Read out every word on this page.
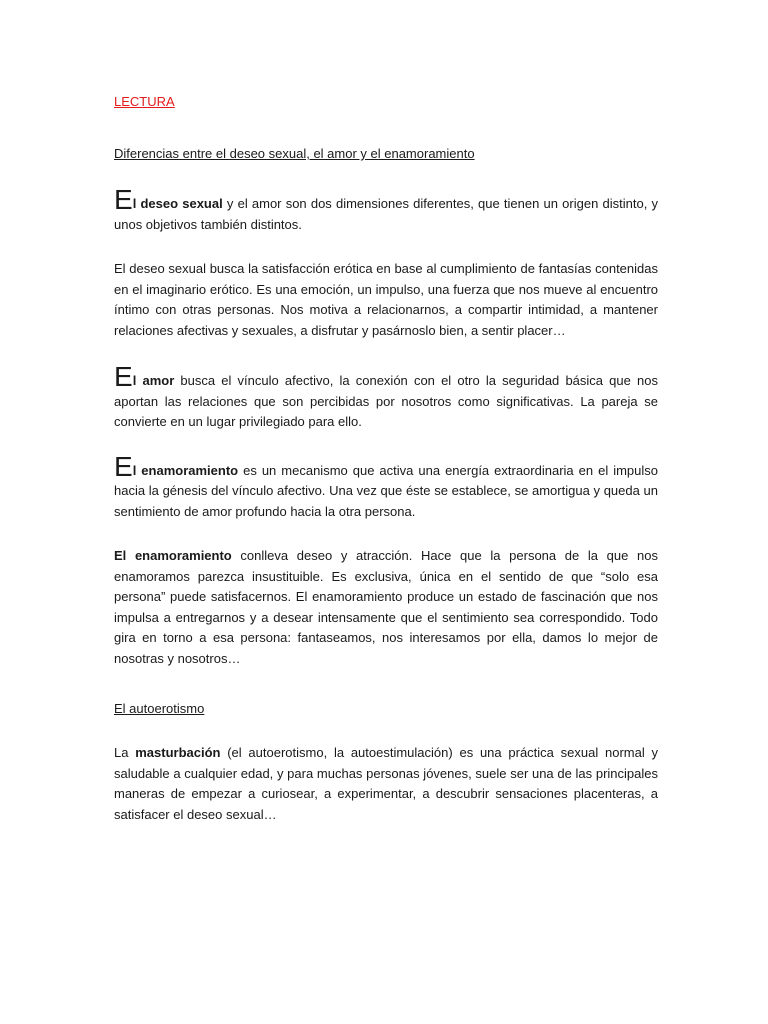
LECTURA
Diferencias entre el deseo sexual, el amor y el enamoramiento

El deseo sexual y el amor son dos dimensiones diferentes, que tienen un origen distinto, y unos objetivos también distintos.

El deseo sexual busca la satisfacción erótica en base al cumplimiento de fantasías contenidas en el imaginario erótico. Es una emoción, un impulso, una fuerza que nos mueve al encuentro íntimo con otras personas. Nos motiva a relacionarnos, a compartir intimidad, a mantener relaciones afectivas y sexuales, a disfrutar y pasárnoslo bien, a sentir placer…

El amor busca el vínculo afectivo, la conexión con el otro la seguridad básica que nos aportan las relaciones que son percibidas por nosotros como significativas. La pareja se convierte en un lugar privilegiado para ello.

El enamoramiento es un mecanismo que activa una energía extraordinaria en el impulso hacia la génesis del vínculo afectivo. Una vez que éste se establece, se amortigua y queda un sentimiento de amor profundo hacia la otra persona.

El enamoramiento conlleva deseo y atracción. Hace que la persona de la que nos enamoramos parezca insustituible. Es exclusiva, única en el sentido de que “solo esa persona” puede satisfacernos. El enamoramiento produce un estado de fascinación que nos impulsa a entregarnos y a desear intensamente que el sentimiento sea correspondido. Todo gira en torno a esa persona: fantaseamos, nos interesamos por ella, damos lo mejor de nosotras y nosotros…

El autoerotismo

La masturbación (el autoerotismo, la autoestimulación) es una práctica sexual normal y saludable a cualquier edad, y para muchas personas jóvenes, suele ser una de las principales maneras de empezar a curiosear, a experimentar, a descubrir sensaciones placenteras, a satisfacer el deseo sexual…
